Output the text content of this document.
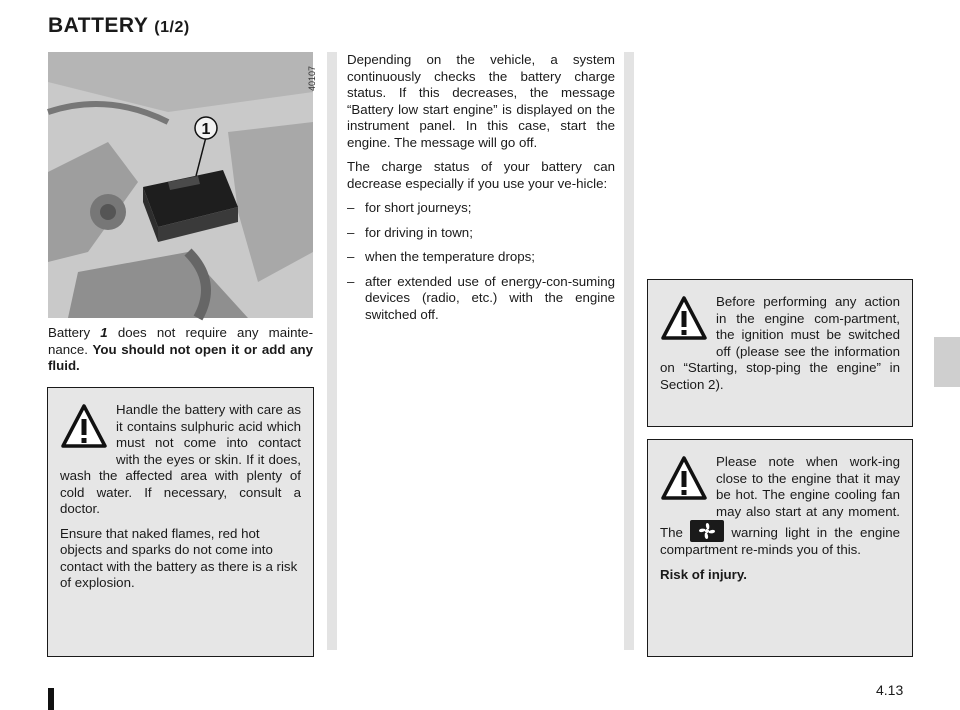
BATTERY (1/2)
1
40107

Battery 1 does not require any mainte-nance. You should not open it or add any fluid.

Handle the battery with care as it contains sulphuric acid which must not come into contact with the eyes or skin. If it does, wash the affected area with plenty of cold water. If necessary, consult a doctor.

Ensure that naked flames, red hot objects and sparks do not come into contact with the battery as there is a risk of explosion.

Depending on the vehicle, a system continuously checks the battery charge status. If this decreases, the message “Battery low start engine” is displayed on the instrument panel. In this case, start the engine. The message will go off.

The charge status of your battery can decrease especially if you use your ve-hicle:

– for short journeys;
– for driving in town;
– when the temperature drops;
– after extended use of energy-con-suming devices (radio, etc.) with the engine switched off.

Before performing any action in the engine com-partment, the ignition must be switched off (please see the information on “Starting, stop-ping the engine” in Section 2).

Please note when work-ing close to the engine that it may be hot. The engine cooling fan may also start at any moment. The	warning light in the engine compartment re-minds you of this.

Risk of injury.

4.13
